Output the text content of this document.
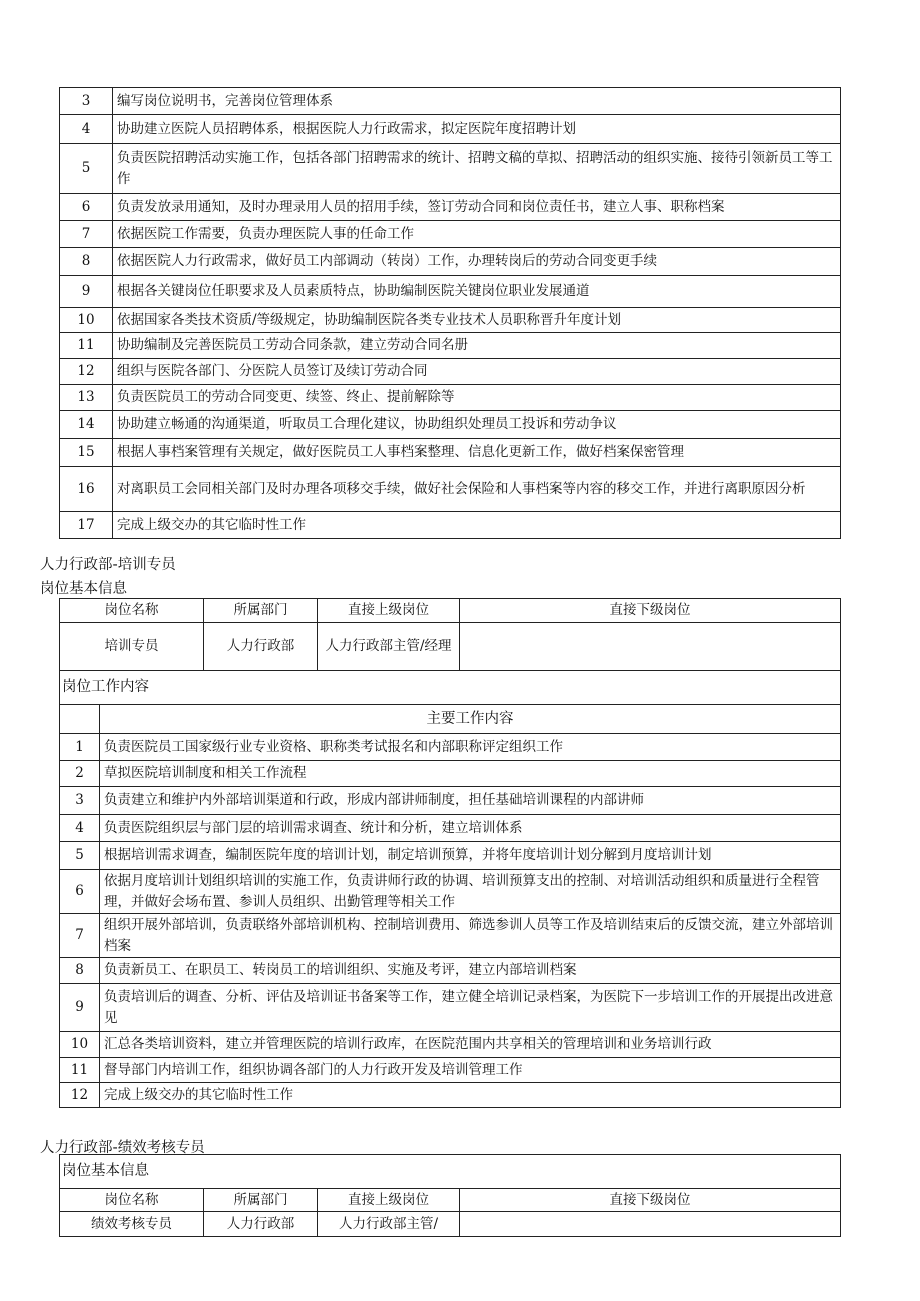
3	编写岗位说明书，完善岗位管理体系
4	协助建立医院人员招聘体系，根据医院人力行政需求，拟定医院年度招聘计划
5	负责医院招聘活动实施工作，包括各部门招聘需求的统计、招聘文稿的草拟、招聘活动的组织实施、接待引领新员工等工作
6	负责发放录用通知，及时办理录用人员的招用手续，签订劳动合同和岗位责任书，建立人事、职称档案
7	依据医院工作需要，负责办理医院人事的任命工作
8	依据医院人力行政需求，做好员工内部调动（转岗）工作，办理转岗后的劳动合同变更手续
9	根据各关键岗位任职要求及人员素质特点，协助编制医院关键岗位职业发展通道
10	依据国家各类技术资质/等级规定，协助编制医院各类专业技术人员职称晋升年度计划
11	协助编制及完善医院员工劳动合同条款，建立劳动合同名册
12	组织与医院各部门、分医院人员签订及续订劳动合同
13	负责医院员工的劳动合同变更、续签、终止、提前解除等
14	协助建立畅通的沟通渠道，听取员工合理化建议，协助组织处理员工投诉和劳动争议
15	根据人事档案管理有关规定，做好医院员工人事档案整理、信息化更新工作，做好档案保密管理
16	对离职员工会同相关部门及时办理各项移交手续，做好社会保险和人事档案等内容的移交工作，并进行离职原因分析
17	完成上级交办的其它临时性工作
人力行政部-培训专员
岗位基本信息
岗位名称	所属部门	直接上级岗位	直接下级岗位
培训专员	人力行政部	人力行政部主管/经理	
岗位工作内容			
	主要工作内容
1	负责医院员工国家级行业专业资格、职称类考试报名和内部职称评定组织工作
2	草拟医院培训制度和相关工作流程
3	负责建立和维护内外部培训渠道和行政，形成内部讲师制度，担任基础培训课程的内部讲师
4	负责医院组织层与部门层的培训需求调查、统计和分析，建立培训体系
5	根据培训需求调查，编制医院年度的培训计划，制定培训预算，并将年度培训计划分解到月度培训计划
6	依据月度培训计划组织培训的实施工作，负责讲师行政的协调、培训预算支出的控制、对培训活动组织和质量进行全程管理，并做好会场布置、参训人员组织、出勤管理等相关工作
7	组织开展外部培训，负责联络外部培训机构、控制培训费用、筛选参训人员等工作及培训结束后的反馈交流，建立外部培训档案
8	负责新员工、在职员工、转岗员工的培训组织、实施及考评，建立内部培训档案
9	负责培训后的调查、分析、评估及培训证书备案等工作，建立健全培训记录档案，为医院下一步培训工作的开展提出改进意见
10	汇总各类培训资料，建立并管理医院的培训行政库，在医院范围内共享相关的管理培训和业务培训行政
11	督导部门内培训工作，组织协调各部门的人力行政开发及培训管理工作
12	完成上级交办的其它临时性工作
人力行政部-绩效考核专员
岗位基本信息			
岗位名称	所属部门	直接上级岗位	直接下级岗位
绩效考核专员	人力行政部	人力行政部主管/	
